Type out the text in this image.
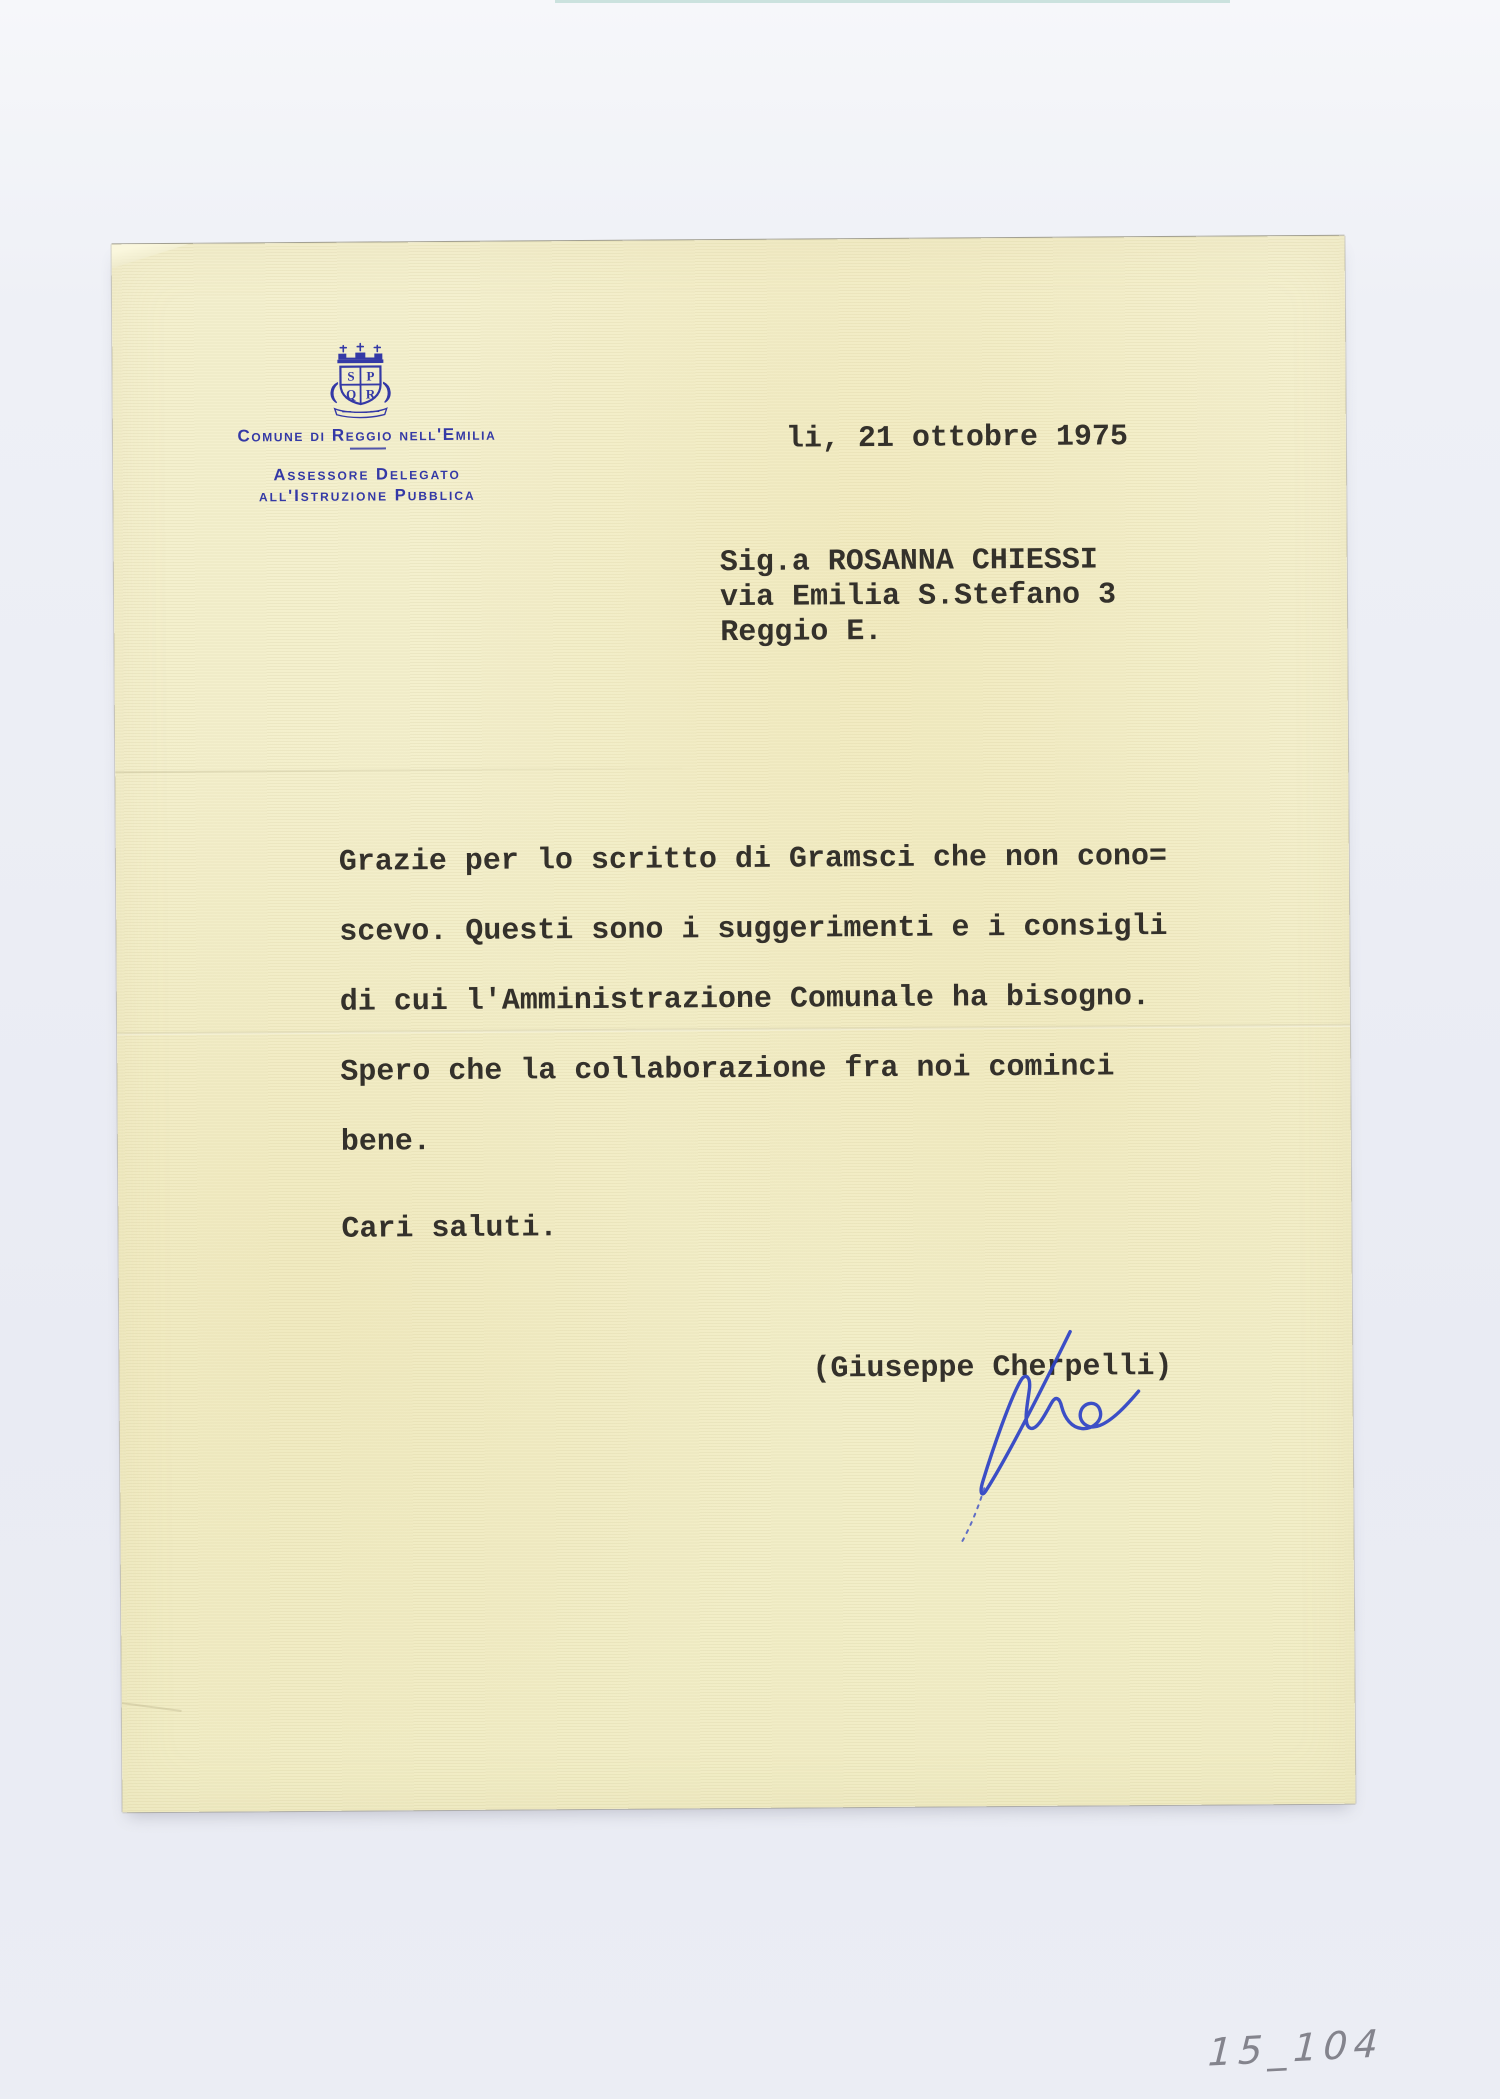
S P
Q R
Comune di Reggio nell'Emilia
Assessore Delegato
all'Istruzione Pubblica
li, 21 ottobre 1975
Sig.a ROSANNA CHIESSI
via Emilia S.Stefano 3
Reggio E.
Grazie per lo scritto di Gramsci che non cono=
scevo. Questi sono i suggerimenti e i consigli
di cui l'Amministrazione Comunale ha bisogno.
Spero che la collaborazione fra noi cominci
bene.
Cari saluti.
(Giuseppe Cherpelli)
15_104
